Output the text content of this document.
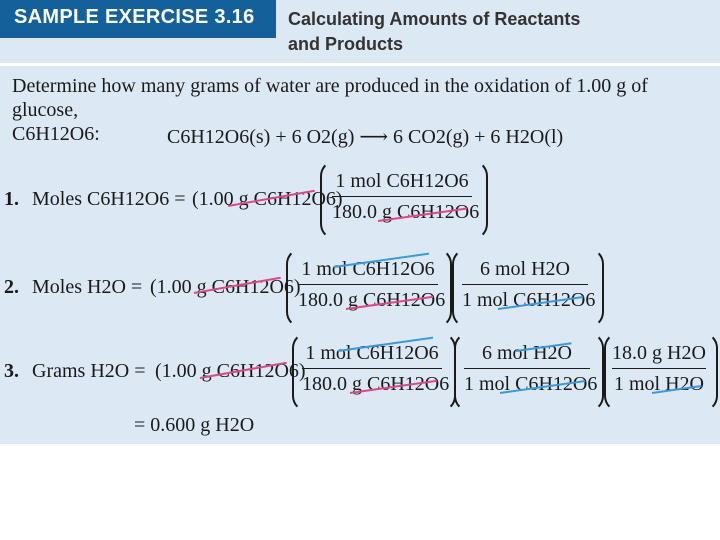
SAMPLE EXERCISE 3.16 Calculating Amounts of Reactants
and Products
Determine how many grams of water are produced in the oxidation of 1.00 g of glucose,
C6H12O6:	C6H12O6(s) + 6 O2(g) ⟶ 6 CO2(g) + 6 H2O(l)
1. Moles C6H12O6 = (1.00 g C6H12O6)
1 mol C6H12O6
180.0 g C6H12O6
2. Moles H2O = (1.00 g C6H12O6)
1 mol C6H12O6
180.0 g C6H12O6
6 mol H2O
1 mol C6H12O6
3. Grams H2O = (1.00 g C6H12O6)
1 mol C6H12O6
180.0 g C6H12O6
6 mol H2O
1 mol C6H12O6
18.0 g H2O
1 mol H2O
= 0.600 g H2O
